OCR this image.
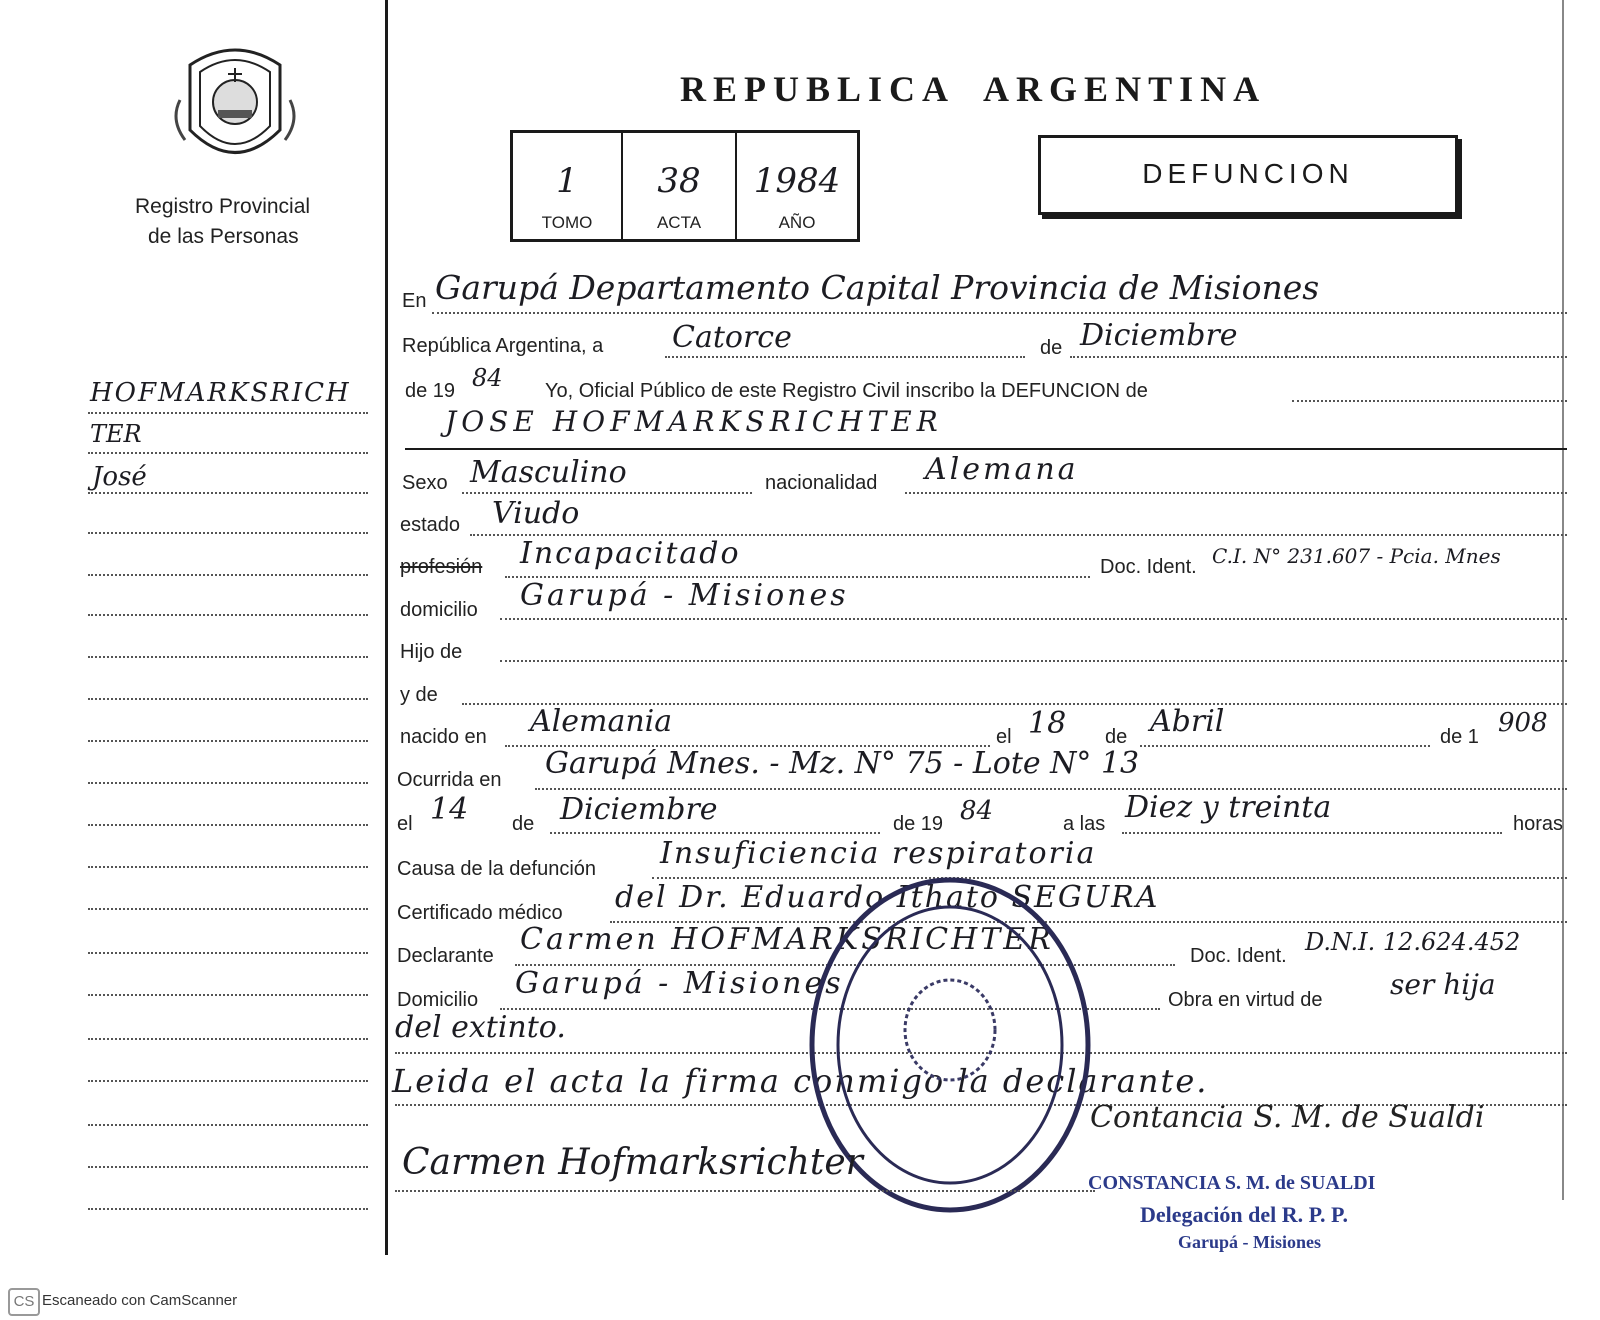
Registro Provincial
de las Personas
HOFMARKSRICH
TER
José
REPUBLICA  ARGENTINA
1	38	1984
TOMO	ACTA	AÑO
DEFUNCION
En Garupá Departamento Capital Provincia de Misiones
República Argentina, a Catorce	de Diciembre
de 19 84 Yo, Oficial Público de este Registro Civil inscribo la DEFUNCION de
JOSE HOFMARKSRICHTER
Sexo Masculino	nacionalidad Alemana
estado Viudo
profesión Incapacitado	Doc. Ident. C.I. N° 231.607 - Pcia. Mnes
domicilio Garupá - Misiones
Hijo de
y de
nacido en Alemania	el 18 de Abril	de 1 908
Ocurrida en Garupá Mnes. - Mz. N° 75 - Lote N° 13
el 14 de Diciembre	de 19 84	a las Diez y treinta	horas
Causa de la defunción Insuficiencia respiratoria
Certificado médico del Dr. Eduardo Ithato SEGURA
Declarante Carmen HOFMARKSRICHTER	Doc. Ident. D.N.I. 12.624.452
Domicilio Garupá - Misiones	Obra en virtud de ser hija
del extinto.
Leida el acta la firma conmigo la declarante.
Carmen Hofmarksrichter
Contancia S. M. de Sualdi
CONSTANCIA S. M. de SUALDI
Delegación del R. P. P.
Garupá - Misiones
CS Escaneado con CamScanner
